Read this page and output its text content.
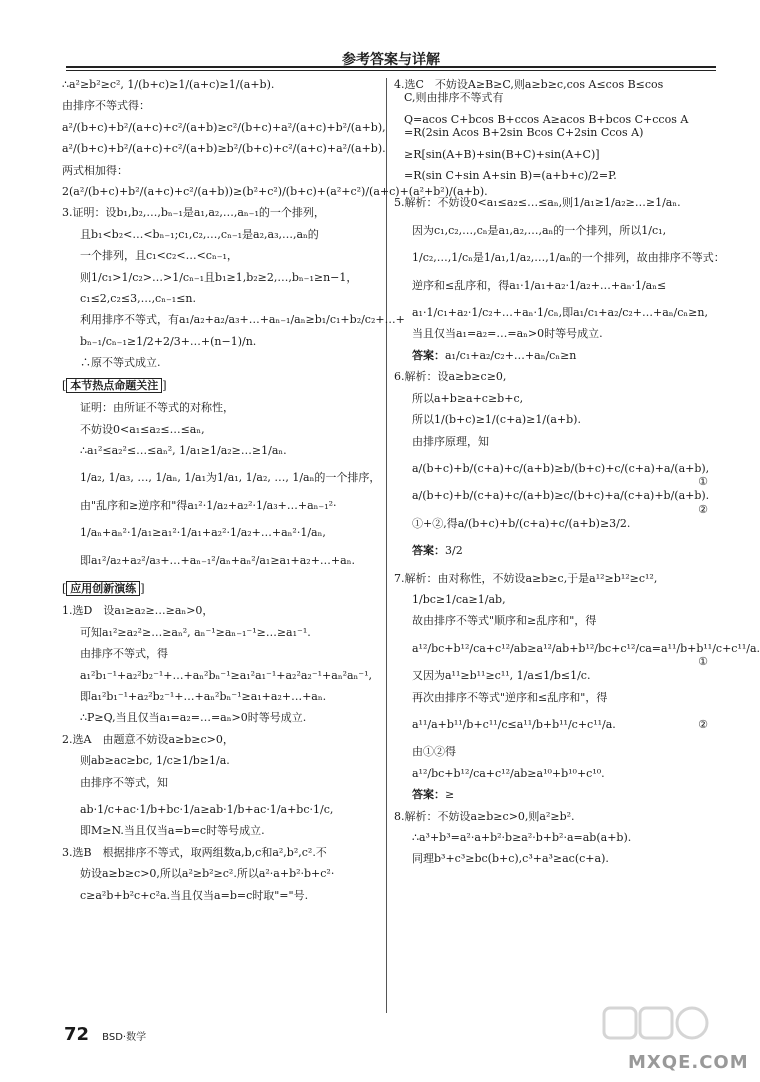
参考答案与详解
∴a²≥b²≥c², 1/(b+c)≥1/(a+c)≥1/(a+b).
由排序不等式得：
a²/(b+c)+b²/(a+c)+c²/(a+b)≥c²/(b+c)+a²/(a+c)+b²/(a+b),
a²/(b+c)+b²/(a+c)+c²/(a+b)≥b²/(b+c)+c²/(a+c)+a²/(a+b).
两式相加得：
2(a²/(b+c)+b²/(a+c)+c²/(a+b))≥(b²+c²)/(b+c)+(a²+c²)/(a+c)+(a²+b²)/(a+b).
3.证明：设b₁,b₂,…,bₙ₋₁是a₁,a₂,…,aₙ₋₁的一个排列，
且b₁<b₂<…<bₙ₋₁;c₁,c₂,…,cₙ₋₁是a₂,a₃,…,aₙ的
一个排列，且c₁<c₂<…<cₙ₋₁，
则1/c₁>1/c₂>…>1/cₙ₋₁且b₁≥1,b₂≥2,…,bₙ₋₁≥n−1，
c₁≤2,c₂≤3,…,cₙ₋₁≤n.
利用排序不等式，有a₁/a₂+a₂/a₃+…+aₙ₋₁/aₙ≥b₁/c₁+b₂/c₂+…+
bₙ₋₁/cₙ₋₁≥1/2+2/3+…+(n−1)/n.
∴原不等式成立.
[ 本节热点命题关注 ]
证明：由所证不等式的对称性，
不妨设0<a₁≤a₂≤…≤aₙ,
∴a₁²≤a₂²≤…≤aₙ², 1/a₁≥1/a₂≥…≥1/aₙ.
1/a₂, 1/a₃, …, 1/aₙ, 1/a₁为1/a₁, 1/a₂, …, 1/aₙ的一个排序，
由"乱序和≥逆序和"得a₁²·1/a₂+a₂²·1/a₃+…+aₙ₋₁²·
1/aₙ+aₙ²·1/a₁≥a₁²·1/a₁+a₂²·1/a₂+…+aₙ²·1/aₙ,
即a₁²/a₂+a₂²/a₃+…+aₙ₋₁²/aₙ+aₙ²/a₁≥a₁+a₂+…+aₙ.
[ 应用创新演练 ]
1.选D　设a₁≥a₂≥…≥aₙ>0，
可知a₁²≥a₂²≥…≥aₙ², aₙ⁻¹≥aₙ₋₁⁻¹≥…≥a₁⁻¹.
由排序不等式，得
a₁²b₁⁻¹+a₂²b₂⁻¹+…+aₙ²bₙ⁻¹≥a₁²a₁⁻¹+a₂²a₂⁻¹+aₙ²aₙ⁻¹,
即a₁²b₁⁻¹+a₂²b₂⁻¹+…+aₙ²bₙ⁻¹≥a₁+a₂+…+aₙ.
∴P≥Q,当且仅当a₁=a₂=…=aₙ>0时等号成立.
2.选A　由题意不妨设a≥b≥c>0，
则ab≥ac≥bc, 1/c≥1/b≥1/a.
由排序不等式，知
ab·1/c+ac·1/b+bc·1/a≥ab·1/b+ac·1/a+bc·1/c,
即M≥N.当且仅当a=b=c时等号成立.
3.选B　根据排序不等式，取两组数a,b,c和a²,b²,c².不
妨设a≥b≥c>0,所以a²≥b²≥c².所以a²·a+b²·b+c²·
c≥a²b+b²c+c²a.当且仅当a=b=c时取"="号.
4.选C　不妨设A≥B≥C,则a≥b≥c,cos A≤cos B≤cos
C,则由排序不等式有
Q=acos C+bcos B+ccos A≥acos B+bcos C+ccos A
=R(2sin Acos B+2sin Bcos C+2sin Ccos A)
≥R[sin(A+B)+sin(B+C)+sin(A+C)]
=R(sin C+sin A+sin B)=(a+b+c)/2=P.
5.解析：不妨设0<a₁≤a₂≤…≤aₙ,则1/a₁≥1/a₂≥…≥1/aₙ.
因为c₁,c₂,…,cₙ是a₁,a₂,…,aₙ的一个排列，所以1/c₁,
1/c₂,…,1/cₙ是1/a₁,1/a₂,…,1/aₙ的一个排列，故由排序不等式：
逆序和≤乱序和，得a₁·1/a₁+a₂·1/a₂+…+aₙ·1/aₙ≤
a₁·1/c₁+a₂·1/c₂+…+aₙ·1/cₙ,即a₁/c₁+a₂/c₂+…+aₙ/cₙ≥n,
当且仅当a₁=a₂=…=aₙ>0时等号成立.
答案：a₁/c₁+a₂/c₂+…+aₙ/cₙ≥n
6.解析：设a≥b≥c≥0,
所以a+b≥a+c≥b+c,
所以1/(b+c)≥1/(c+a)≥1/(a+b).
由排序原理，知
a/(b+c)+b/(c+a)+c/(a+b)≥b/(b+c)+c/(c+a)+a/(a+b),
①
a/(b+c)+b/(c+a)+c/(a+b)≥c/(b+c)+a/(c+a)+b/(a+b).
②
①+②,得a/(b+c)+b/(c+a)+c/(a+b)≥3/2.
答案：3/2
7.解析：由对称性，不妨设a≥b≥c,于是a¹²≥b¹²≥c¹²,
1/bc≥1/ca≥1/ab,
故由排序不等式"顺序和≥乱序和"，得
a¹²/bc+b¹²/ca+c¹²/ab≥a¹²/ab+b¹²/bc+c¹²/ca=a¹¹/b+b¹¹/c+c¹¹/a.
①
又因为a¹¹≥b¹¹≥c¹¹, 1/a≤1/b≤1/c.
再次由排序不等式"逆序和≤乱序和"，得
a¹¹/a+b¹¹/b+c¹¹/c≤a¹¹/b+b¹¹/c+c¹¹/a.	②
由①②得
a¹²/bc+b¹²/ca+c¹²/ab≥a¹⁰+b¹⁰+c¹⁰.
答案：≥
8.解析：不妨设a≥b≥c>0,则a²≥b².
∴a³+b³=a²·a+b²·b≥a²·b+b²·a=ab(a+b).
同理b³+c³≥bc(b+c),c³+a³≥ac(c+a).
72 BSD·数学
MXQE.COM
